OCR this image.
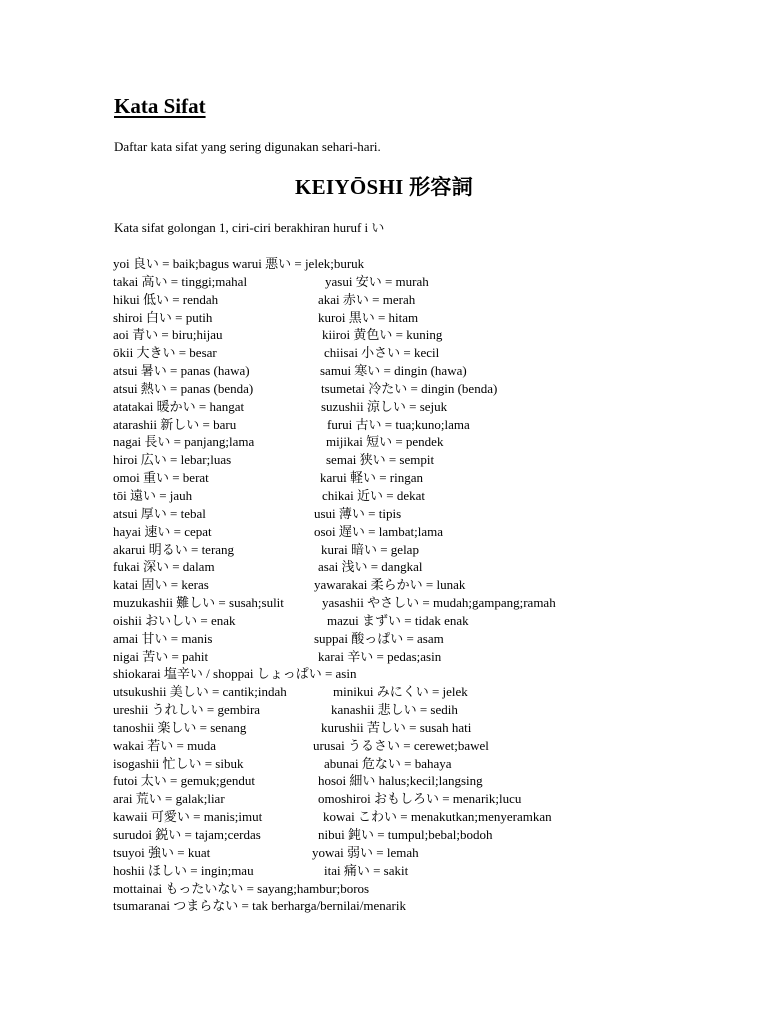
Kata Sifat

Daftar kata sifat yang sering digunakan sehari-hari.

KEIYŌSHI 形容詞

Kata sifat golongan 1, ciri-ciri berakhiran huruf i い

yoi 良い = baik;bagus warui 悪い = jelek;buruk
takai 高い = tinggi;mahal	yasui 安い = murah
hikui 低い = rendah	akai 赤い = merah
shiroi 白い = putih	kuroi 黒い = hitam
aoi 青い = biru;hijau	kiiroi 黄色い = kuning
ōkii 大きい = besar	chiisai 小さい = kecil
atsui 暑い = panas (hawa)	samui 寒い = dingin (hawa)
atsui 熱い = panas (benda)	tsumetai 冷たい = dingin (benda)
atatakai 暖かい = hangat	suzushii 涼しい = sejuk
atarashii 新しい = baru	furui 古い = tua;kuno;lama
nagai 長い = panjang;lama	mijikai 短い = pendek
hiroi 広い = lebar;luas	semai 狭い = sempit
omoi 重い = berat	karui 軽い = ringan
tōi 遠い = jauh	chikai 近い = dekat
atsui 厚い = tebal	usui 薄い = tipis
hayai 速い = cepat	osoi 遅い = lambat;lama
akarui 明るい = terang	kurai 暗い = gelap
fukai 深い = dalam	asai 浅い = dangkal
katai 固い = keras	yawarakai 柔らかい = lunak
muzukashii 難しい = susah;sulit	yasashii やさしい = mudah;gampang;ramah
oishii おいしい = enak	mazui まずい = tidak enak
amai 甘い = manis	suppai 酸っぱい = asam
nigai 苦い = pahit	karai 辛い = pedas;asin
shiokarai 塩辛い / shoppai しょっぱい = asin
utsukushii 美しい = cantik;indah	minikui みにくい = jelek
ureshii うれしい = gembira	kanashii 悲しい = sedih
tanoshii 楽しい = senang	kurushii 苦しい = susah hati
wakai 若い = muda	urusai うるさい = cerewet;bawel
isogashii 忙しい = sibuk	abunai 危ない = bahaya
futoi 太い = gemuk;gendut	hosoi 細い halus;kecil;langsing
arai 荒い = galak;liar	omoshiroi おもしろい = menarik;lucu
kawaii 可愛い = manis;imut	kowai こわい = menakutkan;menyeramkan
surudoi 鋭い = tajam;cerdas	nibui 鈍い = tumpul;bebal;bodoh
tsuyoi 強い = kuat	yowai 弱い = lemah
hoshii ほしい = ingin;mau	itai 痛い = sakit
mottainai もったいない = sayang;hambur;boros
tsumaranai つまらない = tak berharga/bernilai/menarik
